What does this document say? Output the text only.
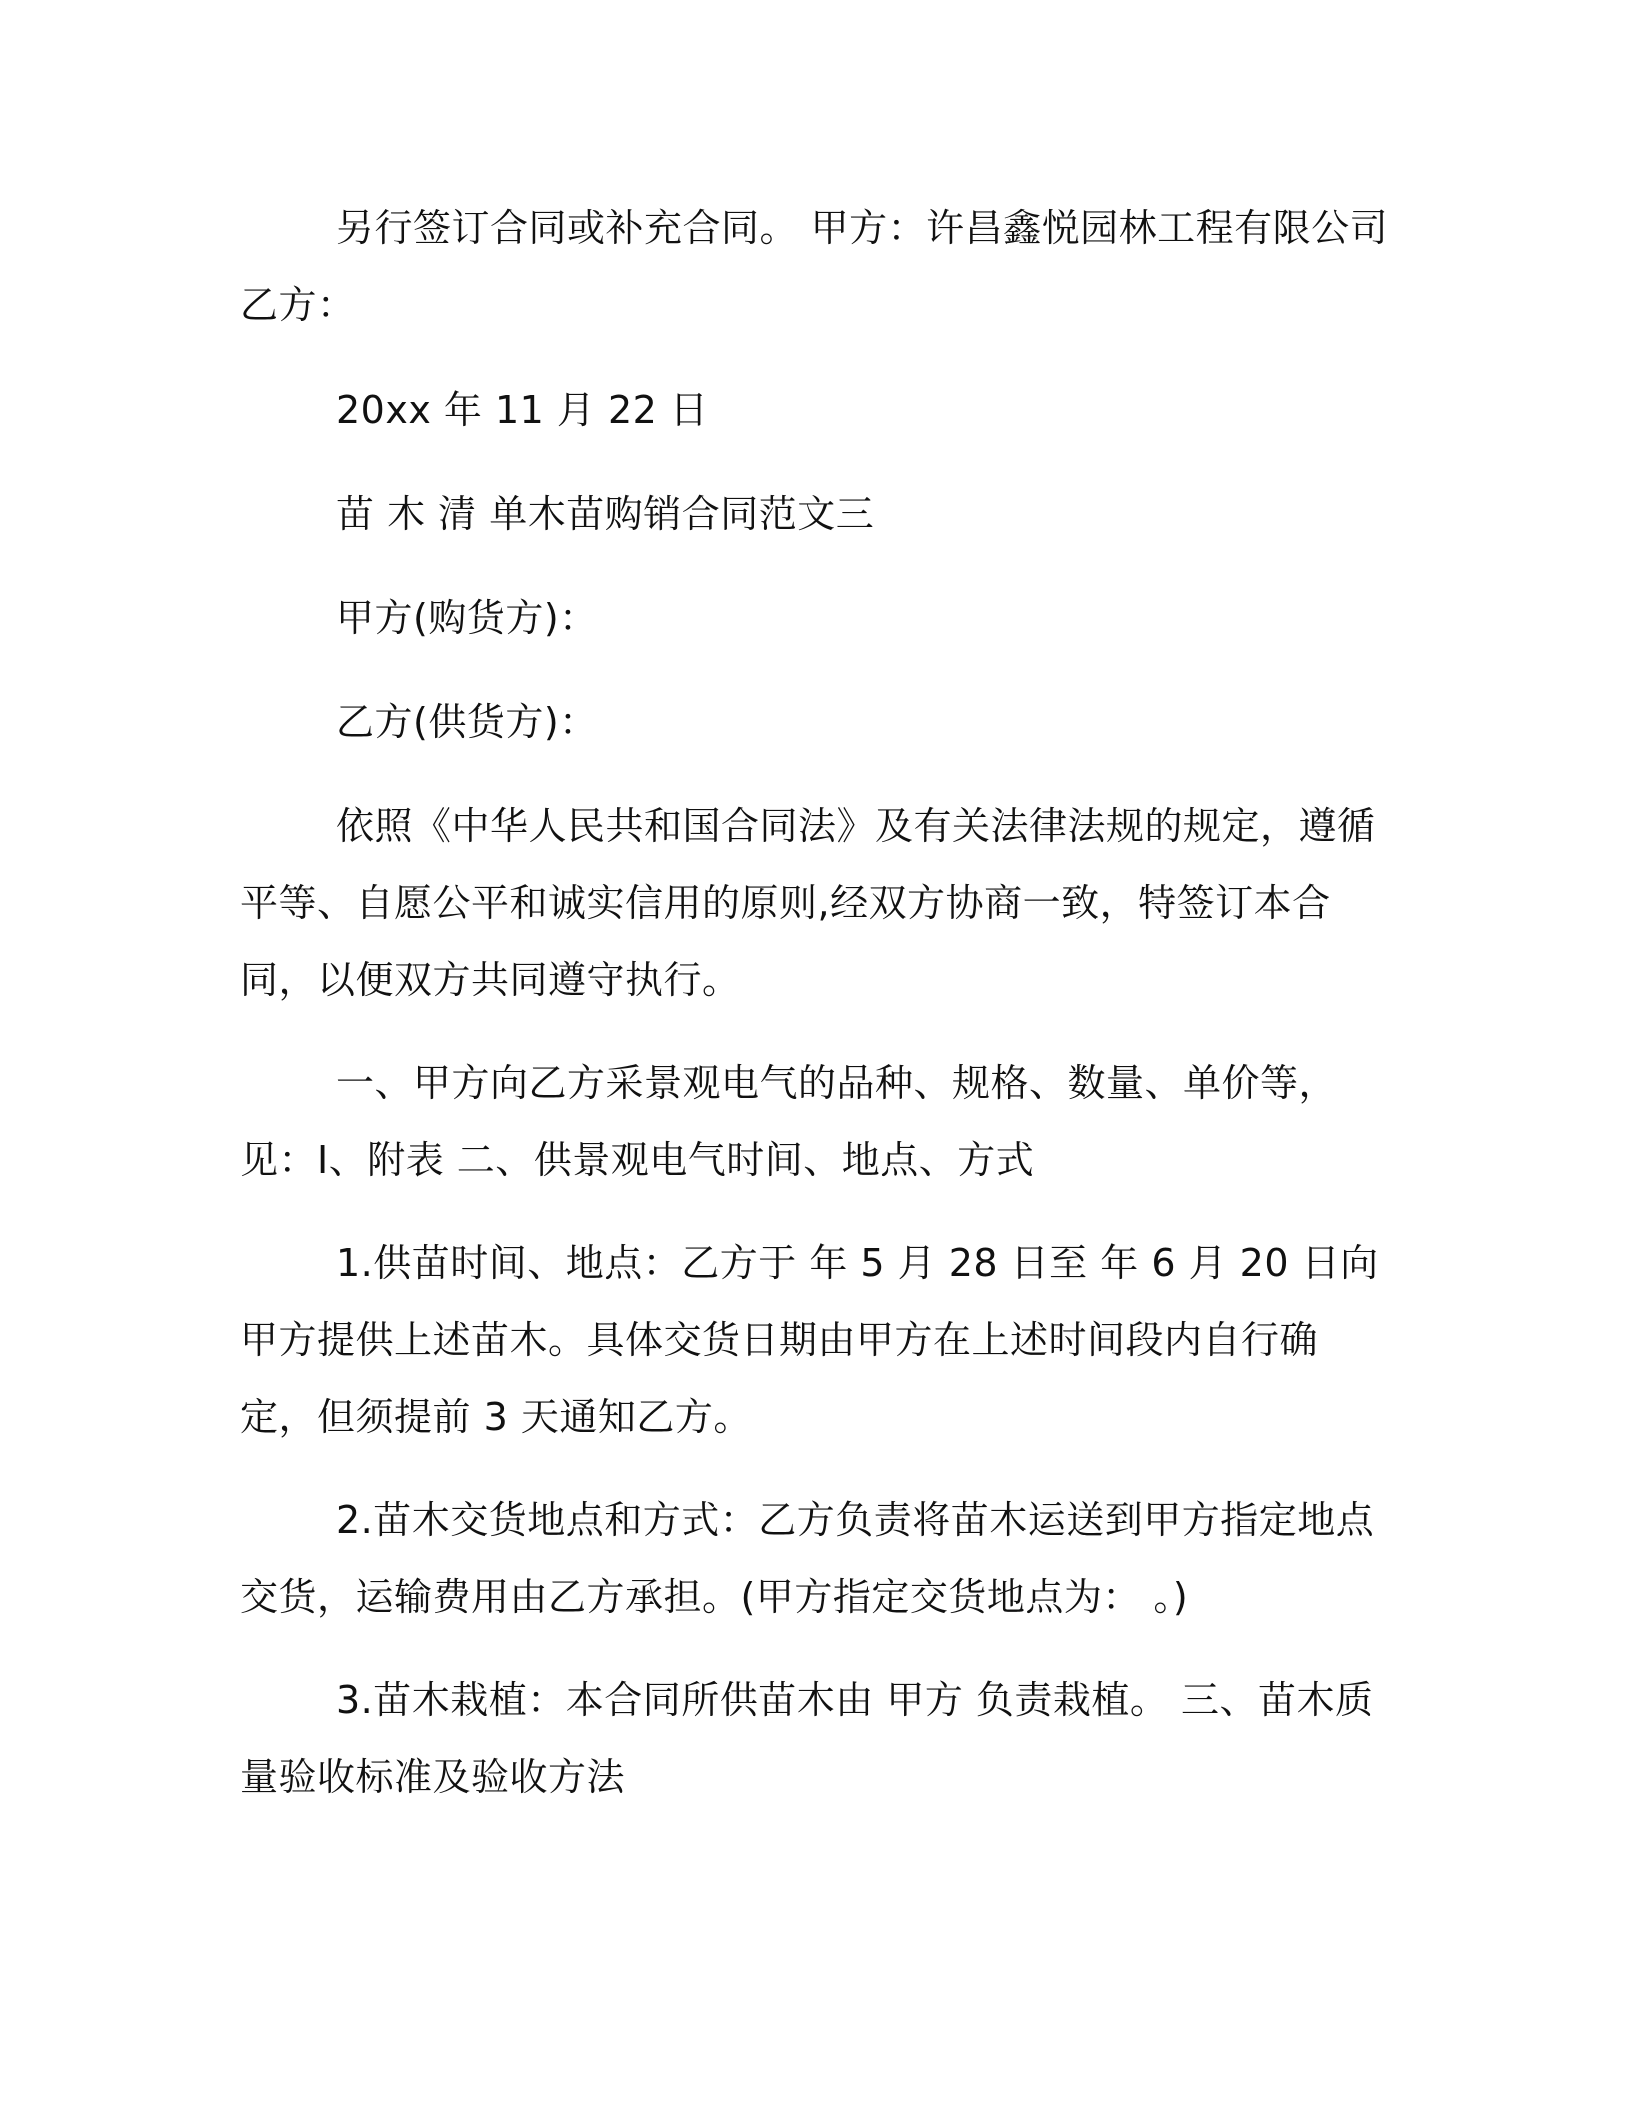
另行签订合同或补充合同。 甲方：许昌鑫悦园林工程有限公司 乙方：

20xx 年 11 月 22 日

苗 木 清 单木苗购销合同范文三

甲方(购货方)：

乙方(供货方)：

依照《中华人民共和国合同法》及有关法律法规的规定，遵循平等、自愿公平和诚实信用的原则,经双方协商一致，特签订本合同，以便双方共同遵守执行。

一、甲方向乙方采景观电气的品种、规格、数量、单价等，见：Ⅰ、附表 二、供景观电气时间、地点、方式

1.供苗时间、地点：乙方于 年 5 月 28 日至 年 6 月 20 日向甲方提供上述苗木。具体交货日期由甲方在上述时间段内自行确定，但须提前 3 天通知乙方。

2.苗木交货地点和方式：乙方负责将苗木运送到甲方指定地点交货，运输费用由乙方承担。(甲方指定交货地点为： 。)

3.苗木栽植：本合同所供苗木由 甲方 负责栽植。 三、苗木质量验收标准及验收方法
